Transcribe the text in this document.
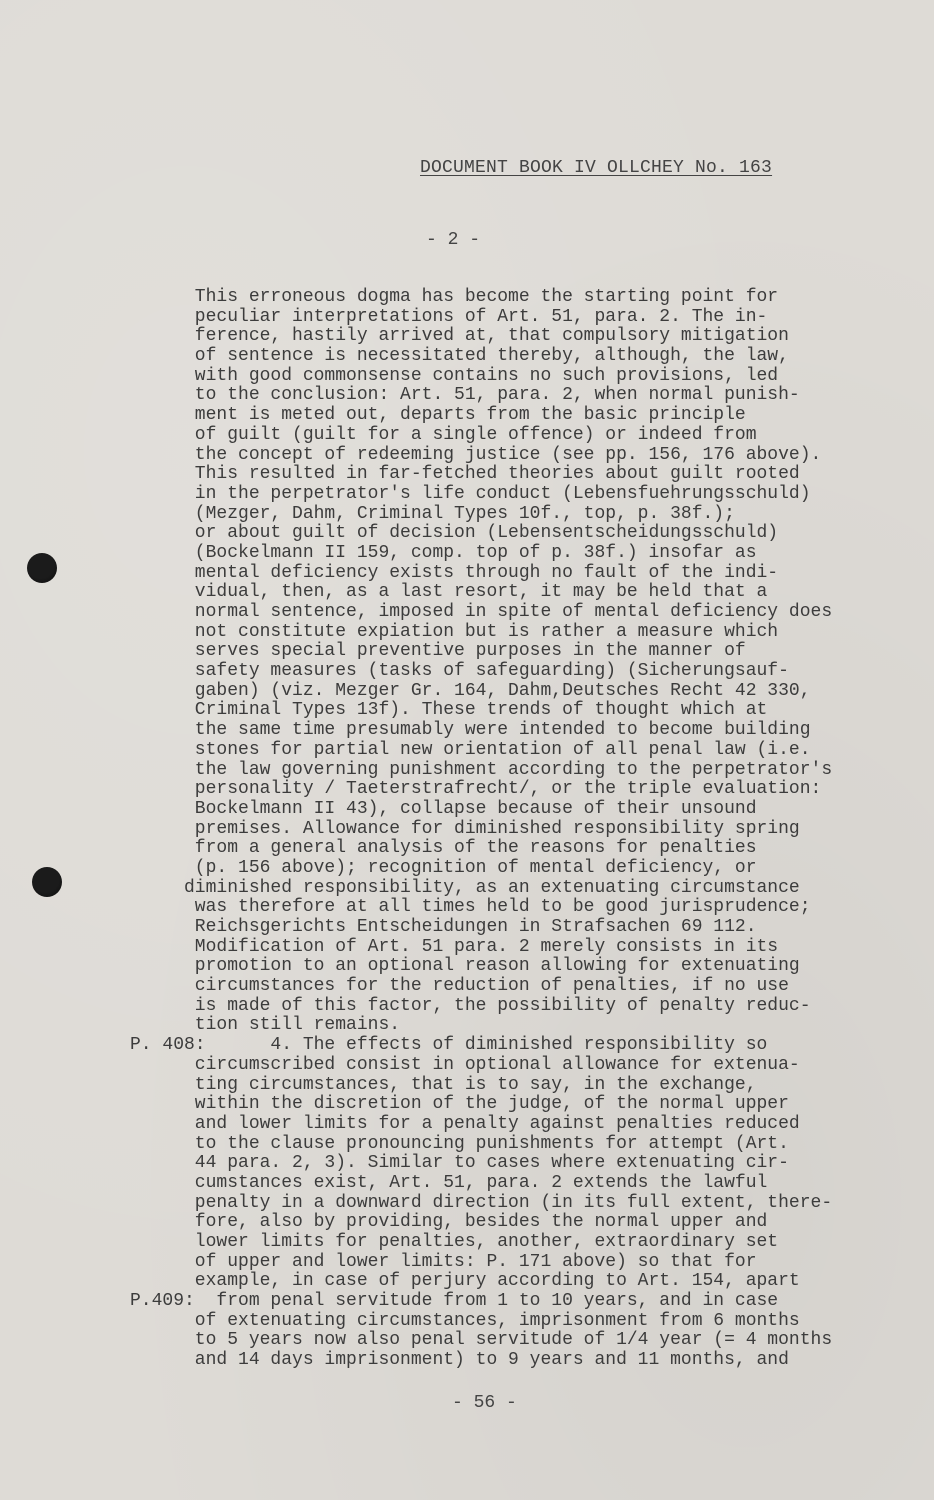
DOCUMENT BOOK IV OLLCHEY No. 163
- 2 -
This erroneous dogma has become the starting point for
peculiar interpretations of Art. 51, para. 2. The in-
ference, hastily arrived at, that compulsory mitigation
of sentence is necessitated thereby, although, the law,
with good commonsense contains no such provisions, led
to the conclusion: Art. 51, para. 2, when normal punish-
ment is meted out, departs from the basic principle
of guilt (guilt for a single offence) or indeed from
the concept of redeeming justice (see pp. 156, 176 above).
This resulted in far-fetched theories about guilt rooted
in the perpetrator's life conduct (Lebensfuehrungsschuld)
(Mezger, Dahm, Criminal Types 10f., top, p. 38f.);
or about guilt of decision (Lebensentscheidungsschuld)
(Bockelmann II 159, comp. top of p. 38f.) insofar as
mental deficiency exists through no fault of the indi-
vidual, then, as a last resort, it may be held that a
normal sentence, imposed in spite of mental deficiency does
not constitute expiation but is rather a measure which
serves special preventive purposes in the manner of
safety measures (tasks of safeguarding) (Sicherungsauf-
gaben) (viz. Mezger Gr. 164, Dahm,Deutsches Recht 42 330,
Criminal Types 13f). These trends of thought which at
the same time presumably were intended to become building
stones for partial new orientation of all penal law (i.e.
the law governing punishment according to the perpetrator's
personality / Taeterstrafrecht/, or the triple evaluation:
Bockelmann II 43), collapse because of their unsound
premises. Allowance for diminished responsibility spring
from a general analysis of the reasons for penalties
(p. 156 above); recognition of mental deficiency, or
diminished responsibility, as an extenuating circumstance
was therefore at all times held to be good jurisprudence;
Reichsgerichts Entscheidungen in Strafsachen 69 112.
Modification of Art. 51 para. 2 merely consists in its
promotion to an optional reason allowing for extenuating
circumstances for the reduction of penalties, if no use
is made of this factor, the possibility of penalty reduc-
tion still remains.
P. 408:      4. The effects of diminished responsibility so
circumscribed consist in optional allowance for extenua-
ting circumstances, that is to say, in the exchange,
within the discretion of the judge, of the normal upper
and lower limits for a penalty against penalties reduced
to the clause pronouncing punishments for attempt (Art.
44 para. 2, 3). Similar to cases where extenuating cir-
cumstances exist, Art. 51, para. 2 extends the lawful
penalty in a downward direction (in its full extent, there-
fore, also by providing, besides the normal upper and
lower limits for penalties, another, extraordinary set
of upper and lower limits: P. 171 above) so that for
example, in case of perjury according to Art. 154, apart
P.409:  from penal servitude from 1 to 10 years, and in case
of extenuating circumstances, imprisonment from 6 months
to 5 years now also penal servitude of 1/4 year (= 4 months
and 14 days imprisonment) to 9 years and 11 months, and
- 56 -
